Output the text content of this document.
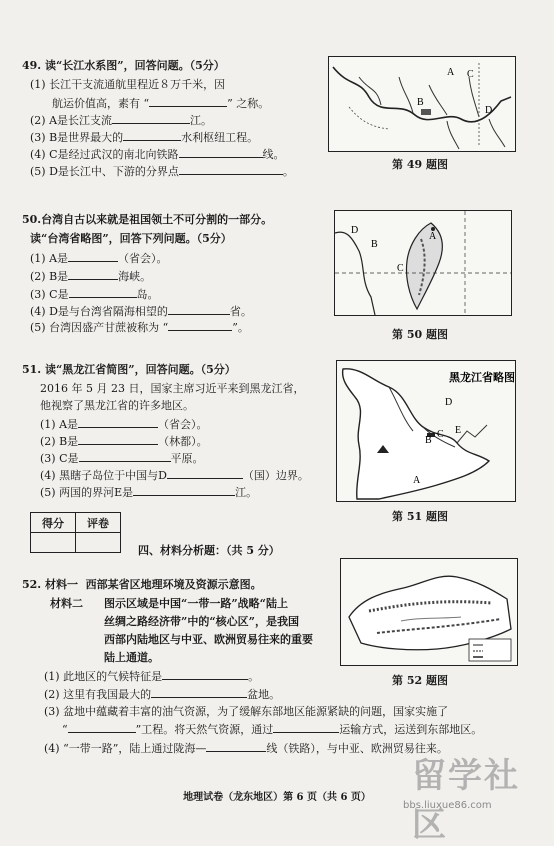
49. 读“长江水系图”，回答问题。（5分）
(1) 长江干支流通航里程近８万千米，因
航运价值高，素有 “	” 之称。
(2) A是长江支流	江。
(3) B是世界最大的	水利枢纽工程。
(4) C是经过武汉的南北向铁路	线。
(5) D是长江中、下游的分界点	。
A
B
C
D
第 49 题图
50.台湾自古以来就是祖国领土不可分割的一部分。
读“台湾省略图”，回答下列问题。（5分）
(1) A是	（省会）。
(2) B是	海峡。
(3) C是	岛。
(4) D是与台湾省隔海相望的	省。
(5) 台湾因盛产甘蔗被称为 “	”。
D
B
A
C
第 50 题图
51. 读“黑龙江省简图”，回答问题。（5分）
2016 年 5 月 23 日，国家主席习近平来到黑龙江省，
他视察了黑龙江省的许多地区。
(1) A是	（省会）。
(2) B是	（林都）。
(3) C是	平原。
(4) 黑瞎子岛位于中国与D	（国）边界。
(5) 两国的界河E是	江。
黑龙江省略图
A
B
C
D
E
第 51 题图
得分	评卷

四、材料分析题：（共 5 分）
52. 材料一 西部某省区地理环境及资源示意图。
材料二 图示区域是中国“一带一路”战略“陆上
丝绸之路经济带”中的“核心区”，是我国
西部内陆地区与中亚、欧洲贸易往来的重要
陆上通道。
(1) 此地区的气候特征是	。
(2) 这里有我国最大的	盆地。
(3) 盆地中蕴藏着丰富的油气资源，为了缓解东部地区能源紧缺的问题，国家实施了
“	”工程。将天然气资源，通过	运输方式，运送到东部地区。
(4) “一带一路”，陆上通过陇海—	线（铁路），与中亚、欧洲贸易往来。
第 52 题图
地理试卷（龙东地区）第 6 页（共 6 页）
留学社区
bbs.liuxue86.com
